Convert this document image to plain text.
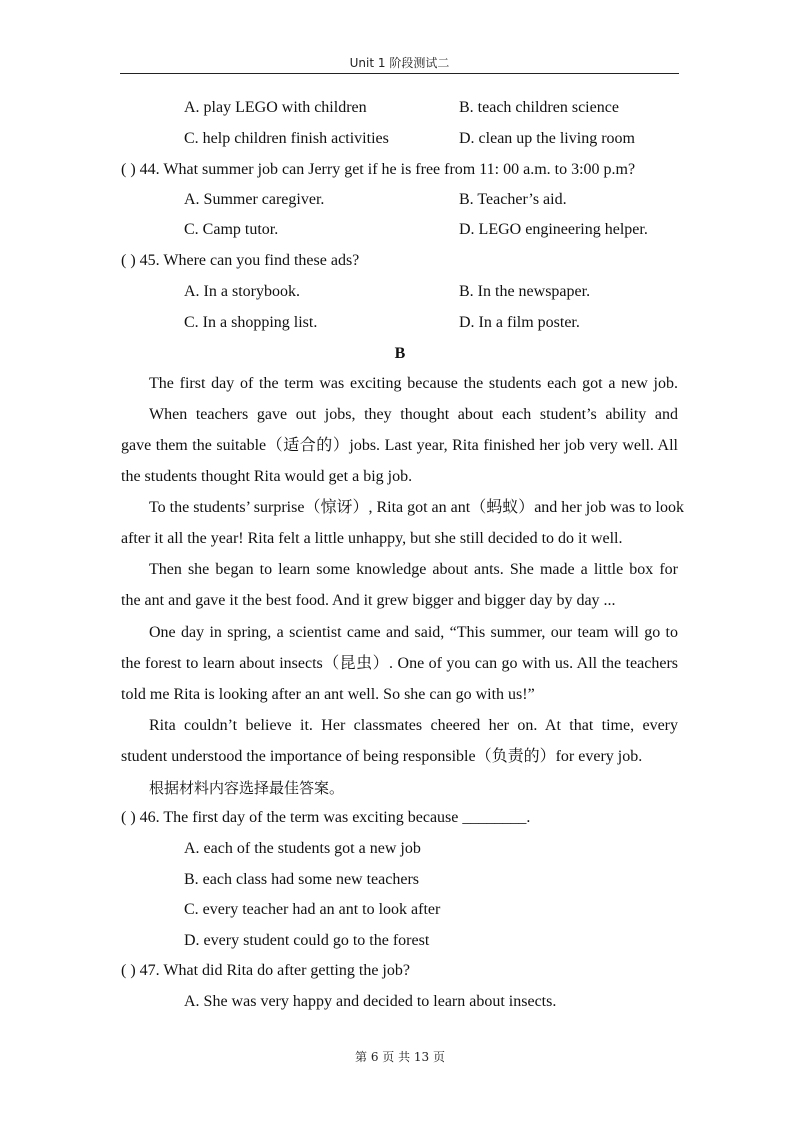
Unit 1 阶段测试二
A. play LEGO with children	B. teach children science
C. help children finish activities	D. clean up the living room
( ) 44. What summer job can Jerry get if he is free from 11: 00 a.m. to 3:00 p.m?
A. Summer caregiver.	B. Teacher’s aid.
C. Camp tutor.	D. LEGO engineering helper.
( ) 45. Where can you find these ads?
A. In a storybook.	B. In the newspaper.
C. In a shopping list.	D. In a film poster.
B
The first day of the term was exciting because the students each got a new job.
When teachers gave out jobs, they thought about each student’s ability and
gave them the suitable（适合的）jobs. Last year, Rita finished her job very well. All
the students thought Rita would get a big job.
To the students’ surprise（惊讶）, Rita got an ant（蚂蚁）and her job was to look
after it all the year! Rita felt a little unhappy, but she still decided to do it well.
Then she began to learn some knowledge about ants. She made a little box for
the ant and gave it the best food. And it grew bigger and bigger day by day ...
One day in spring, a scientist came and said, “This summer, our team will go to
the forest to learn about insects（昆虫）. One of you can go with us. All the teachers
told me Rita is looking after an ant well. So she can go with us!”
Rita couldn’t believe it. Her classmates cheered her on. At that time, every
student understood the importance of being responsible（负责的）for every job.
根据材料内容选择最佳答案。
( ) 46. The first day of the term was exciting because ________.
A. each of the students got a new job
B. each class had some new teachers
C. every teacher had an ant to look after
D. every student could go to the forest
( ) 47. What did Rita do after getting the job?
A. She was very happy and decided to learn about insects.
第 6 页 共 13 页
